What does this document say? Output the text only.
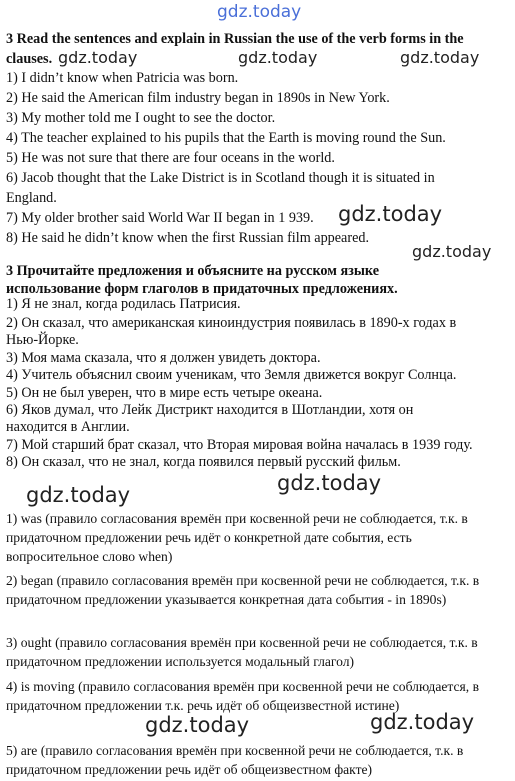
gdz.today
gdz.today	gdz.today	gdz.today
gdz.today
gdz.today
gdz.today	gdz.today
gdz.today	gdz.today
3 Read the sentences and explain in Russian the use of the verb forms in the
clauses.
1) I didn’t know when Patricia was born.
2) He said the American film industry began in 1890s in New York.
3) My mother told me I ought to see the doctor.
4) The teacher explained to his pupils that the Earth is moving round the Sun.
5) He was not sure that there are four oceans in the world.
6) Jacob thought that the Lake District is in Scotland though it is situated in
England.
7) My older brother said World War II began in 1 939.
8) He said he didn’t know when the first Russian film appeared.
3 Прочитайте предложения и объясните на русском языке
использование форм глаголов в придаточных предложениях.
1) Я не знал, когда родилась Патрисия.
2) Он сказал, что американская киноиндустрия появилась в 1890-х годах в
Нью-Йорке.
3) Моя мама сказала, что я должен увидеть доктора.
4) Учитель объяснил своим ученикам, что Земля движется вокруг Солнца.
5) Он не был уверен, что в мире есть четыре океана.
6) Яков думал, что Лейк Дистрикт находится в Шотландии, хотя он
находится в Англии.
7) Мой старший брат сказал, что Вторая мировая война началась в 1939 году.
8) Он сказал, что не знал, когда появился первый русский фильм.
1) was (правило согласования времён при косвенной речи не соблюдается, т.к. в придаточном предложении речь идёт о конкретной дате события, есть вопросительное слово when)
2) began (правило согласования времён при косвенной речи не соблюдается, т.к. в придаточном предложении указывается конкретная дата события - in 1890s)
3) ought (правило согласования времён при косвенной речи не соблюдается, т.к. в придаточном предложении используется модальный глагол)
4) is moving (правило согласования времён при косвенной речи не соблюдается, в придаточном предложении т.к. речь идёт об общеизвестной истине)
5) are (правило согласования времён при косвенной речи не соблюдается, т.к. в придаточном предложении речь идёт об общеизвестном факте)
